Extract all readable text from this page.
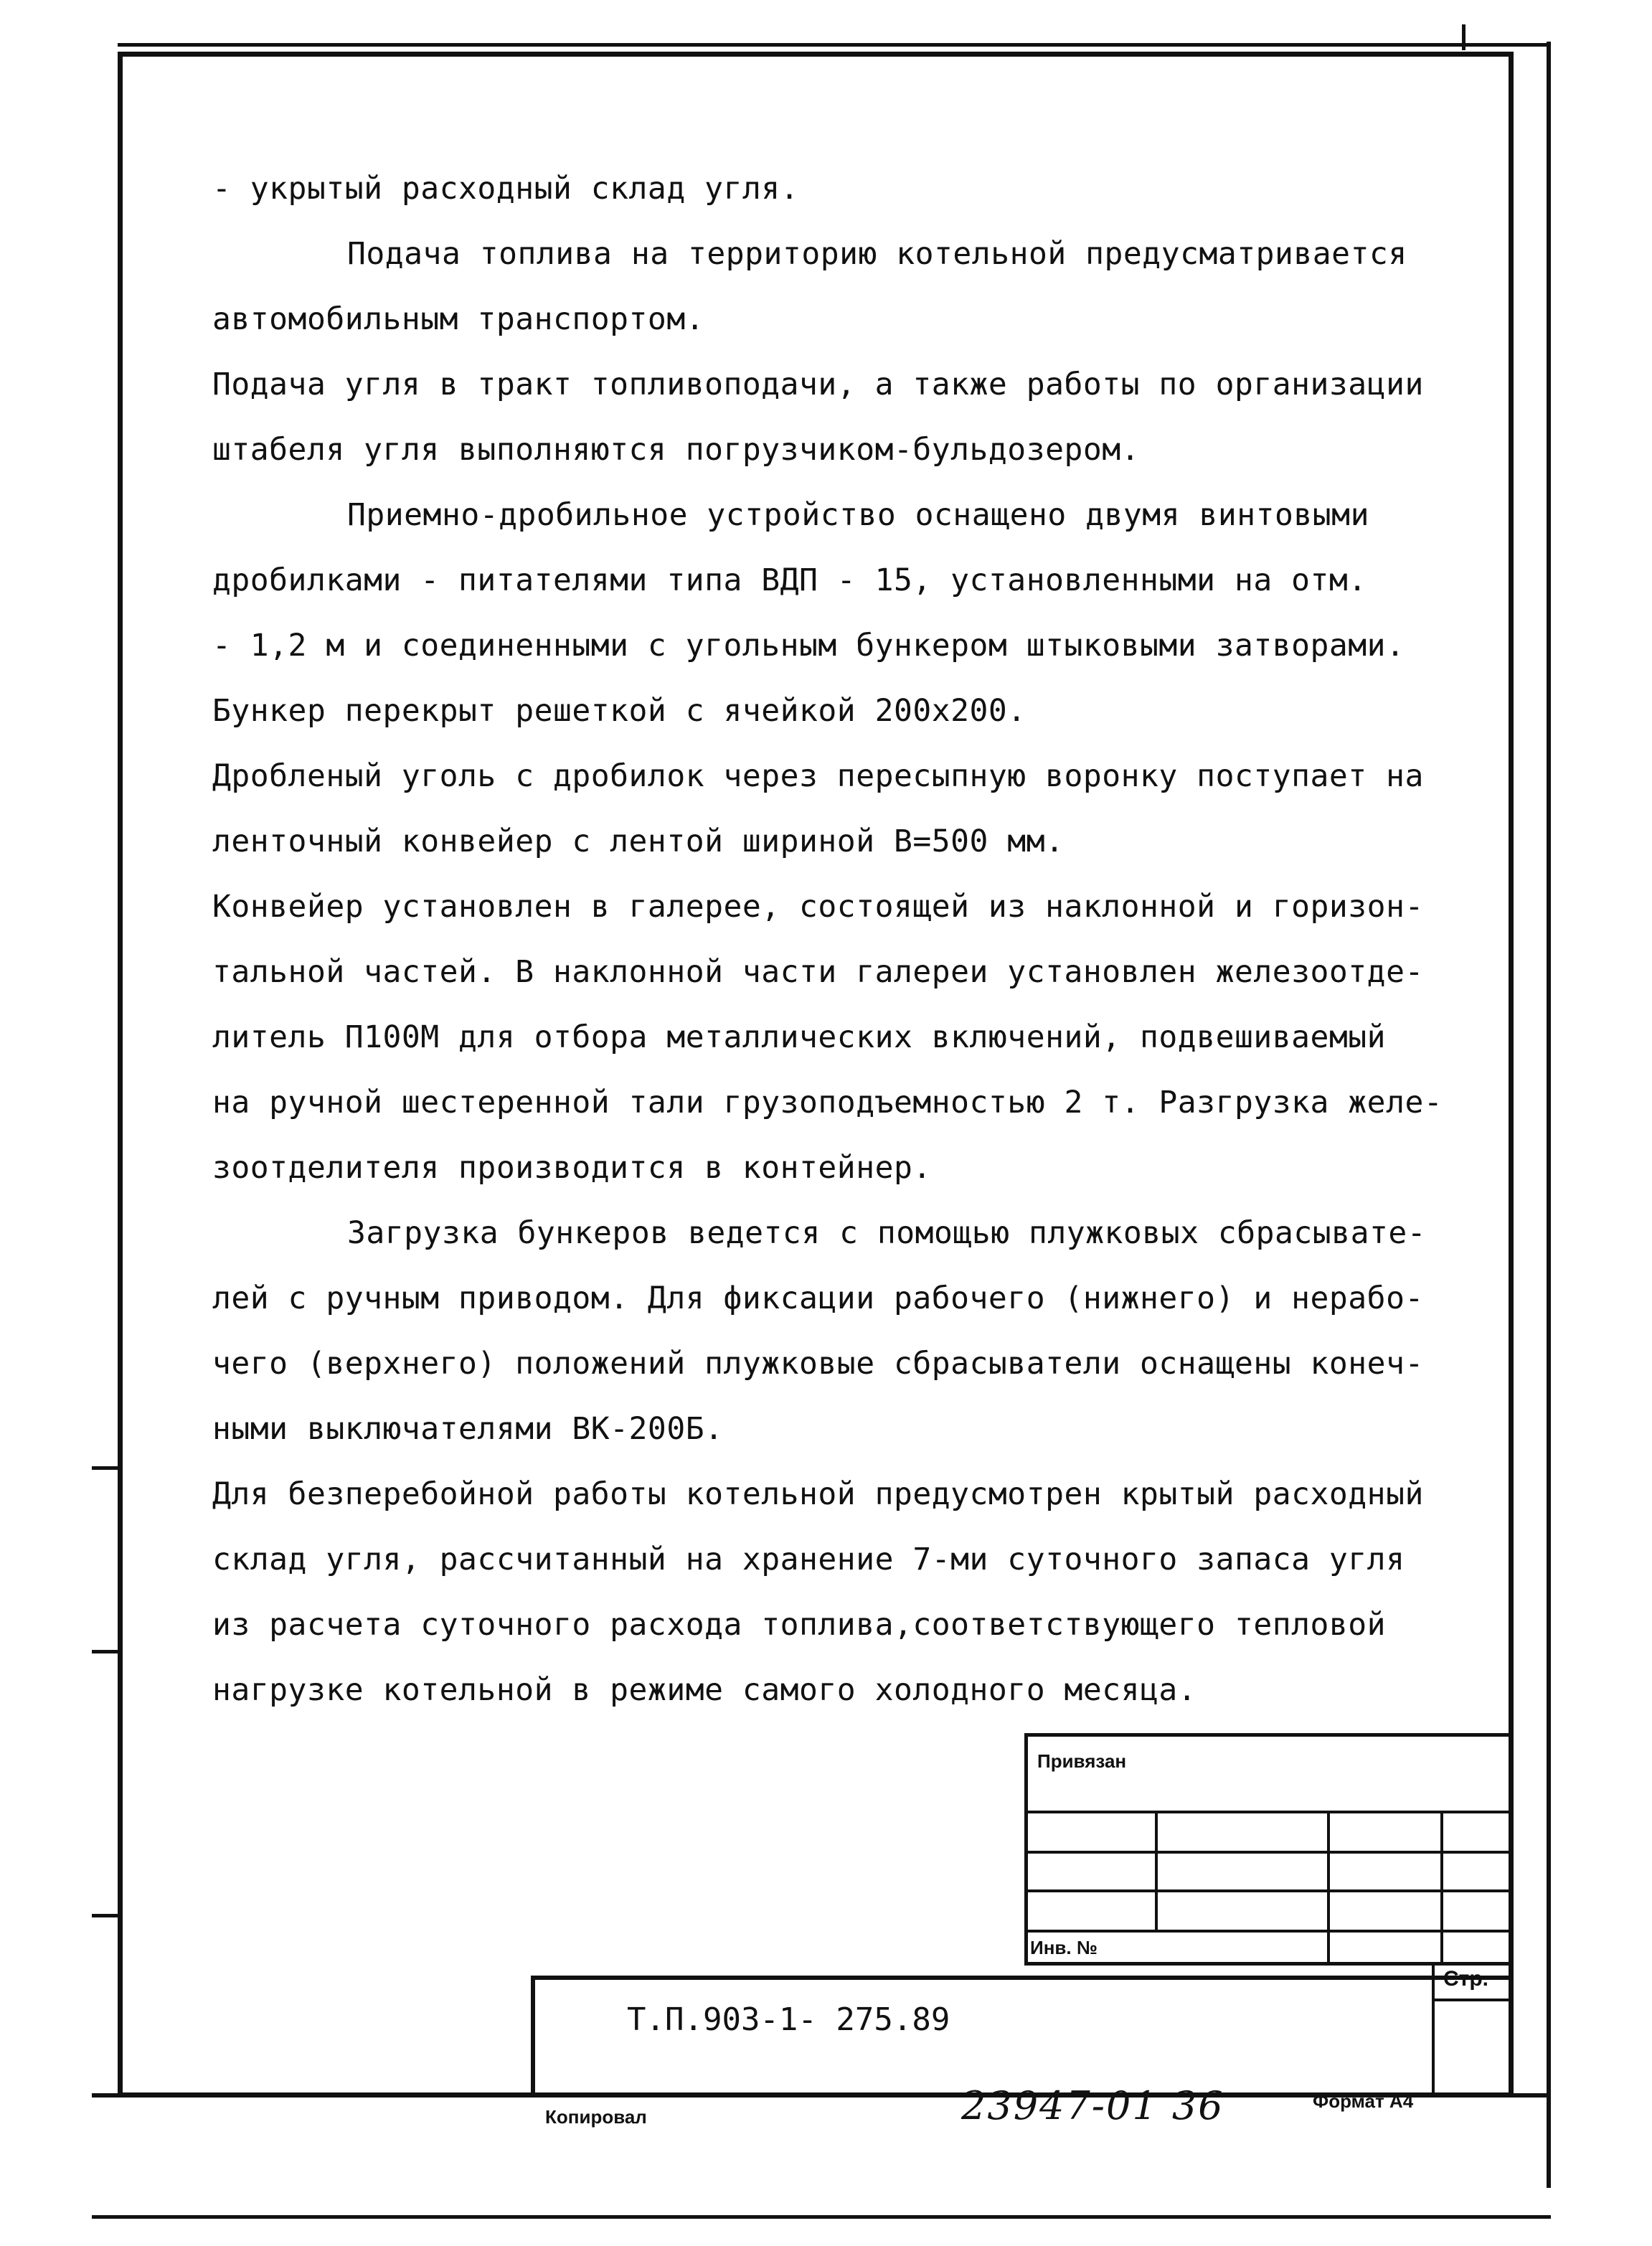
- укрытый расходный склад угля.
Подача топлива на территорию котельной предусматривается
автомобильным транспортом.
Подача угля в тракт топливоподачи, а также работы по организации
штабеля угля выполняются погрузчиком-бульдозером.
Приемно-дробильное устройство оснащено двумя винтовыми
дробилками - питателями типа ВДП - 15, установленными на отм.
- 1,2 м и соединенными с угольным бункером штыковыми затворами.
Бункер перекрыт решеткой с ячейкой 200х200.
Дробленый уголь с дробилок через пересыпную воронку поступает на
ленточный конвейер с лентой шириной В=500 мм.
Конвейер установлен в галерее, состоящей из наклонной и горизон-
тальной частей. В наклонной части галереи установлен железоотде-
литель П100М для отбора металлических включений, подвешиваемый
на ручной шестеренной тали грузоподъемностью 2 т. Разгрузка желе-
зоотделителя производится в контейнер.
Загрузка бункеров ведется с помощью плужковых сбрасывате-
лей с ручным приводом. Для фиксации рабочего (нижнего) и нерабо-
чего (верхнего) положений плужковые сбрасыватели оснащены конеч-
ными выключателями ВК-200Б.
Для безперебойной работы котельной предусмотрен крытый расходный
склад угля, рассчитанный на хранение 7-ми суточного запаса угля
из расчета суточного расхода топлива,соответствующего тепловой
нагрузке котельной в режиме самого холодного месяца.
Привязан
Инв. №
Т.П.903-1- 275.89
Стр.
Копировал	23947-01 36	Формат А4
